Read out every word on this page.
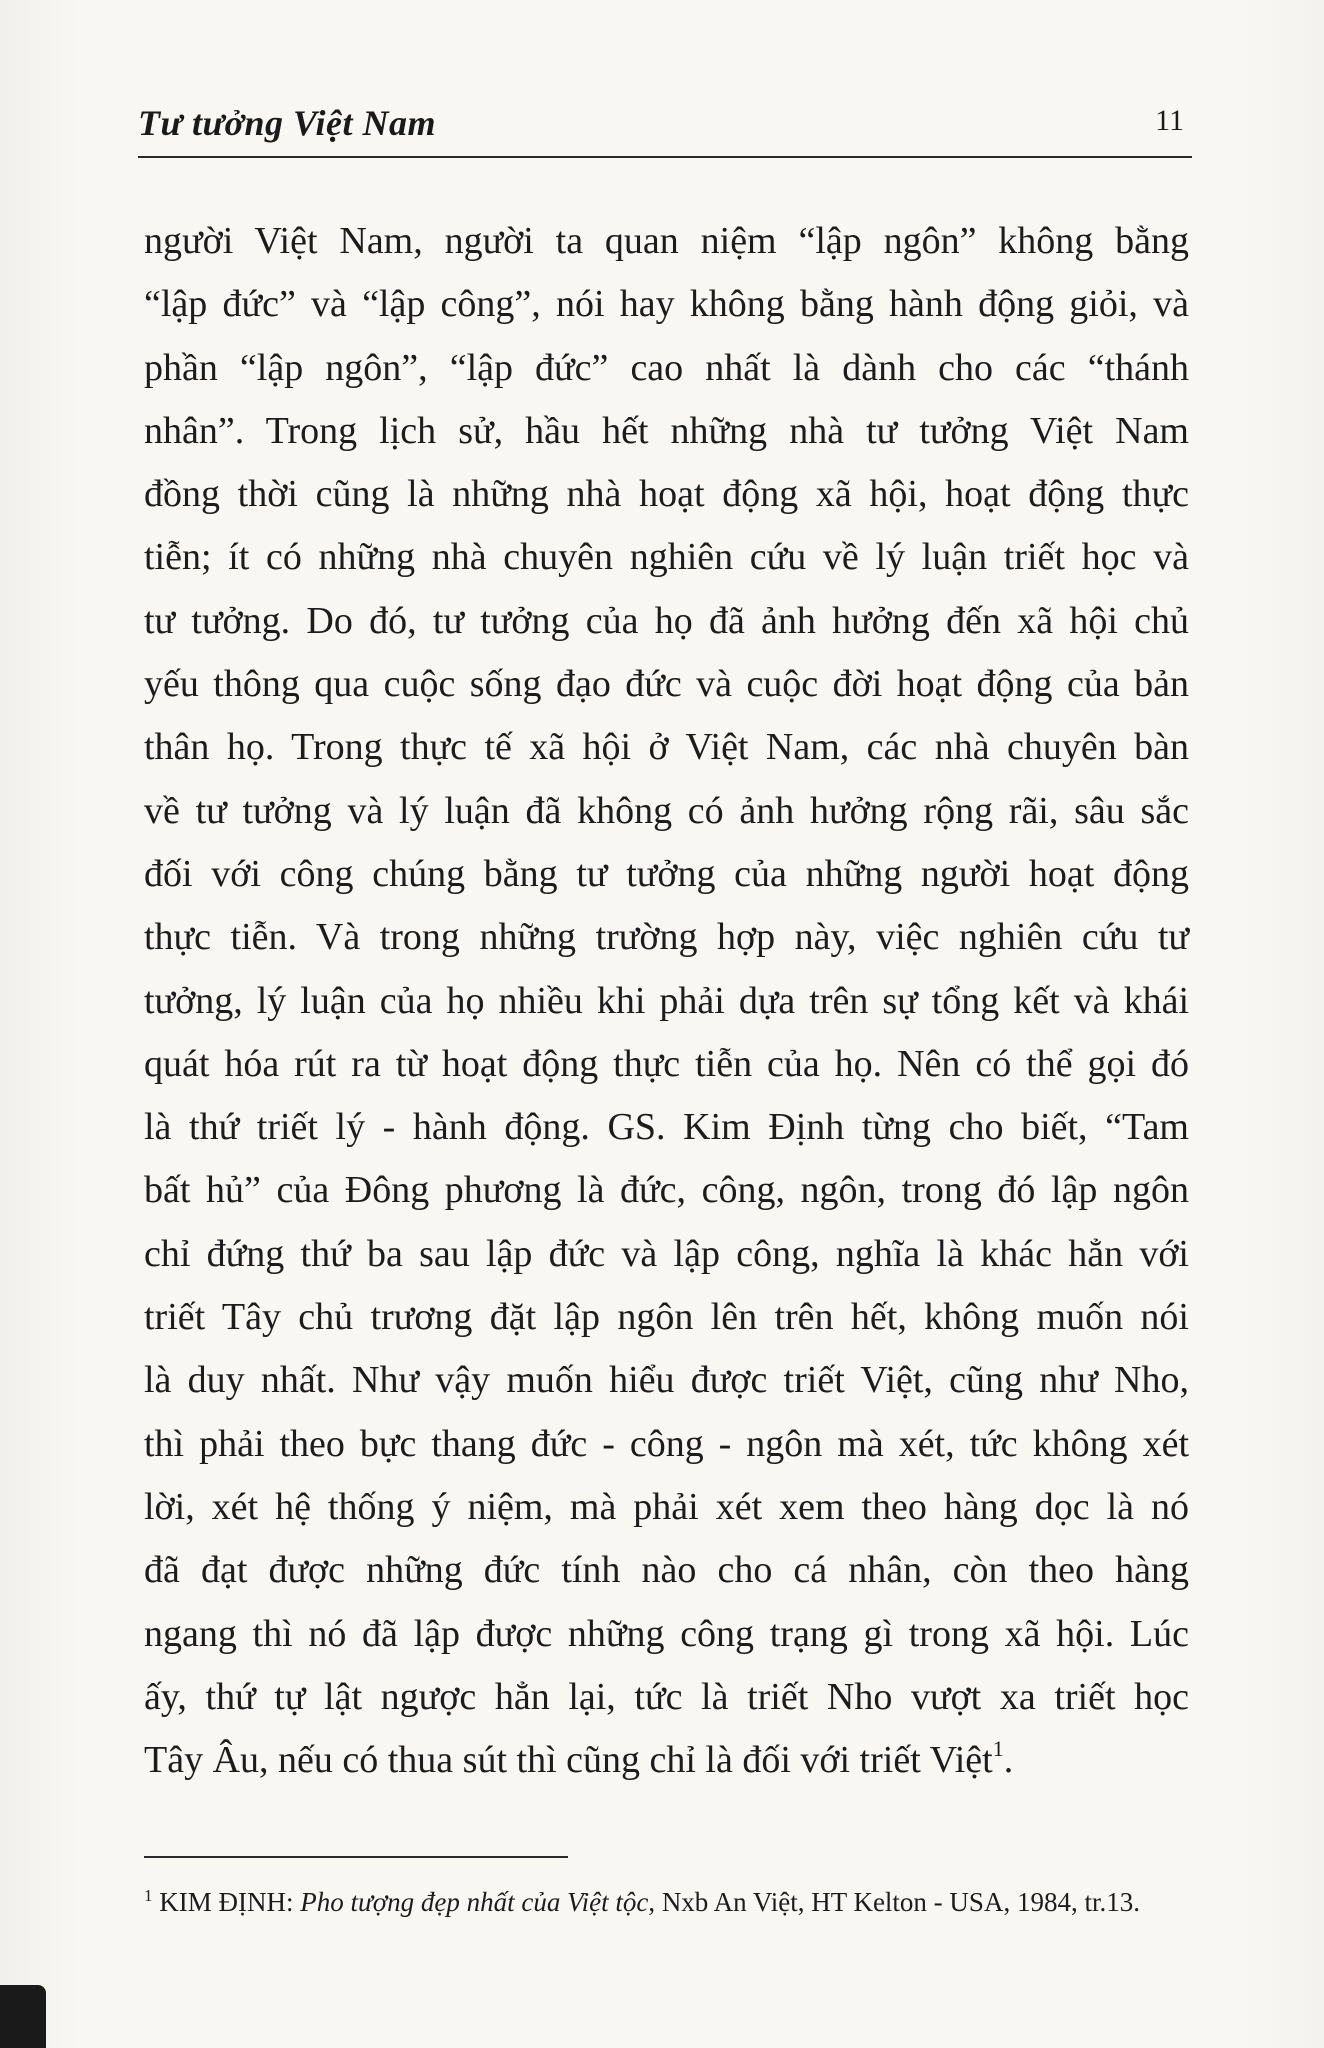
Tư tưởng Việt Nam	11
người Việt Nam, người ta quan niệm “lập ngôn” không bằng
“lập đức” và “lập công”, nói hay không bằng hành động giỏi, và
phần “lập ngôn”, “lập đức” cao nhất là dành cho các “thánh
nhân”. Trong lịch sử, hầu hết những nhà tư tưởng Việt Nam
đồng thời cũng là những nhà hoạt động xã hội, hoạt động thực
tiễn; ít có những nhà chuyên nghiên cứu về lý luận triết học và
tư tưởng. Do đó, tư tưởng của họ đã ảnh hưởng đến xã hội chủ
yếu thông qua cuộc sống đạo đức và cuộc đời hoạt động của bản
thân họ. Trong thực tế xã hội ở Việt Nam, các nhà chuyên bàn
về tư tưởng và lý luận đã không có ảnh hưởng rộng rãi, sâu sắc
đối với công chúng bằng tư tưởng của những người hoạt động
thực tiễn. Và trong những trường hợp này, việc nghiên cứu tư
tưởng, lý luận của họ nhiều khi phải dựa trên sự tổng kết và khái
quát hóa rút ra từ hoạt động thực tiễn của họ. Nên có thể gọi đó
là thứ triết lý - hành động. GS. Kim Định từng cho biết, “Tam
bất hủ” của Đông phương là đức, công, ngôn, trong đó lập ngôn
chỉ đứng thứ ba sau lập đức và lập công, nghĩa là khác hẳn với
triết Tây chủ trương đặt lập ngôn lên trên hết, không muốn nói
là duy nhất. Như vậy muốn hiểu được triết Việt, cũng như Nho,
thì phải theo bực thang đức - công - ngôn mà xét, tức không xét
lời, xét hệ thống ý niệm, mà phải xét xem theo hàng dọc là nó
đã đạt được những đức tính nào cho cá nhân, còn theo hàng
ngang thì nó đã lập được những công trạng gì trong xã hội. Lúc
ấy, thứ tự lật ngược hẳn lại, tức là triết Nho vượt xa triết học
Tây Âu, nếu có thua sút thì cũng chỉ là đối với triết Việt$^1$.
$^1$ KIM ĐỊNH: Pho tượng đẹp nhất của Việt tộc, Nxb An Việt, HT Kelton - USA, 1984, tr.13.
